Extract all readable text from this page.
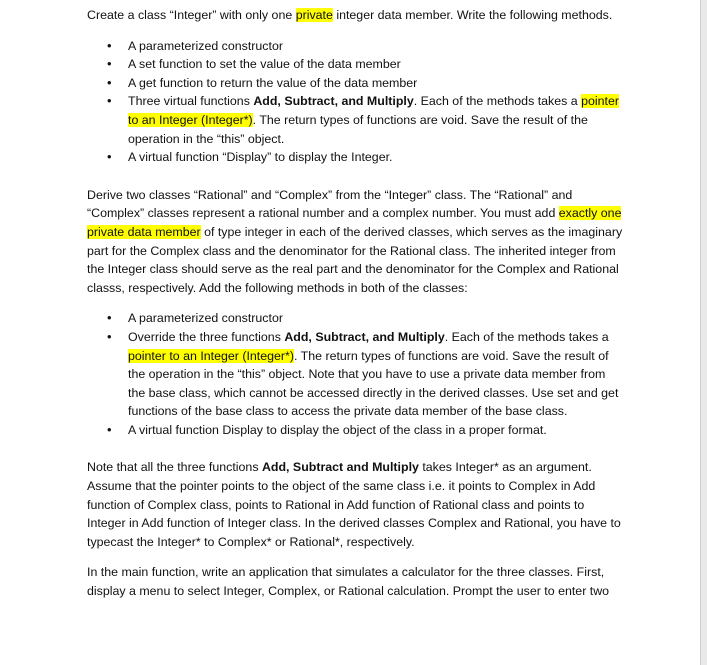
Create a class “Integer” with only one private integer data member. Write the following methods.

• A parameterized constructor
• A set function to set the value of the data member
• A get function to return the value of the data member
• Three virtual functions Add, Subtract, and Multiply. Each of the methods takes a pointer to an Integer (Integer*). The return types of functions are void. Save the result of the operation in the “this” object.
• A virtual function “Display” to display the Integer.

Derive two classes “Rational” and “Complex” from the “Integer” class. The “Rational” and “Complex” classes represent a rational number and a complex number. You must add exactly one private data member of type integer in each of the derived classes, which serves as the imaginary part for the Complex class and the denominator for the Rational class. The inherited integer from the Integer class should serve as the real part and the denominator for the Complex and Rational classs, respectively. Add the following methods in both of the classes:

• A parameterized constructor
• Override the three functions Add, Subtract, and Multiply. Each of the methods takes a pointer to an Integer (Integer*). The return types of functions are void. Save the result of the operation in the “this” object. Note that you have to use a private data member from the base class, which cannot be accessed directly in the derived classes. Use set and get functions of the base class to access the private data member of the base class.
• A virtual function Display to display the object of the class in a proper format.

Note that all the three functions Add, Subtract and Multiply takes Integer* as an argument. Assume that the pointer points to the object of the same class i.e. it points to Complex in Add function of Complex class, points to Rational in Add function of Rational class and points to Integer in Add function of Integer class. In the derived classes Complex and Rational, you have to typecast the Integer* to Complex* or Rational*, respectively.

In the main function, write an application that simulates a calculator for the three classes. First, display a menu to select Integer, Complex, or Rational calculation. Prompt the user to enter two
